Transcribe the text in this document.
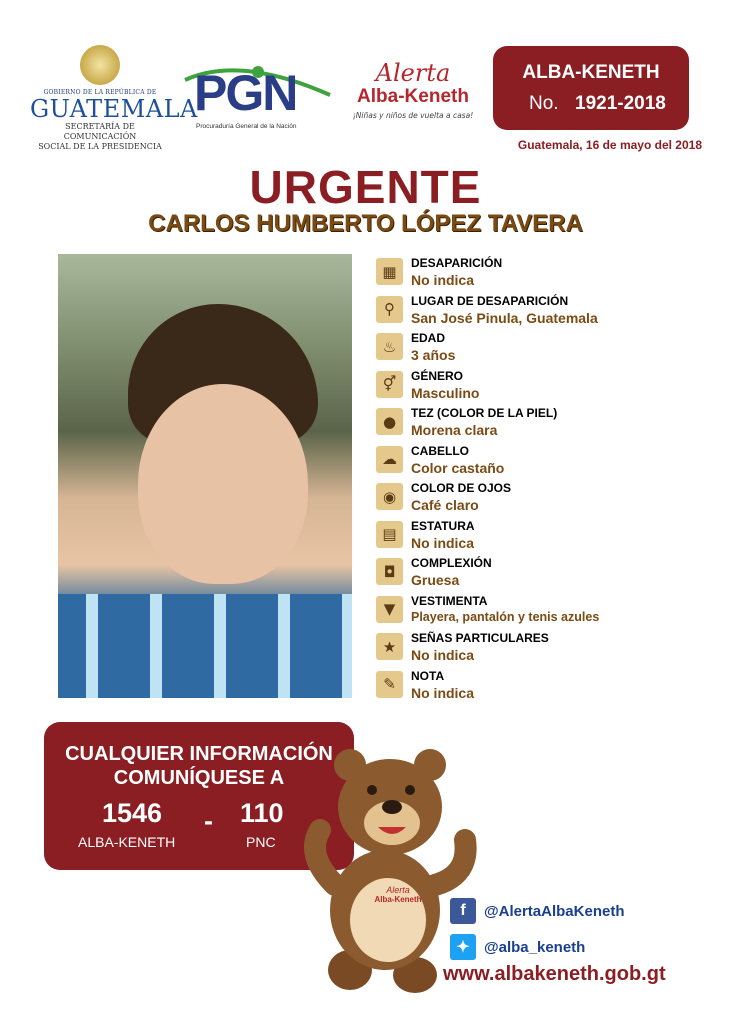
GOBIERNO DE LA REPÚBLICA DE
GUATEMALA
SECRETARÍA DE COMUNICACIÓN
SOCIAL DE LA PRESIDENCIA
PGN
Procuraduría General de la Nación
Alerta
Alba-Keneth
¡Niñas y niños de vuelta a casa!
ALBA-KENETH
No. 1921-2018
Guatemala, 16 de mayo del 2018
URGENTE
CARLOS HUMBERTO LÓPEZ TAVERA
▦	DESAPARICIÓN
No indica
⚲	LUGAR DE DESAPARICIÓN
San José Pinula, Guatemala
♨	EDAD
3 años
⚥	GÉNERO
Masculino
●	TEZ (COLOR DE LA PIEL)
Morena clara
☁	CABELLO
Color castaño
◉	COLOR DE OJOS
Café claro
▤	ESTATURA
No indica
◘	COMPLEXIÓN
Gruesa
▼	VESTIMENTA
Playera, pantalón y tenis azules
★	SEÑAS PARTICULARES
No indica
✎	NOTA
No indica
CUALQUIER INFORMACIÓN
COMUNÍQUESE A
1546 - 110
ALBA-KENETH	PNC
Alerta
Alba-Keneth
f	@AlertaAlbaKeneth
✦ @alba_keneth
www.albakeneth.gob.gt
